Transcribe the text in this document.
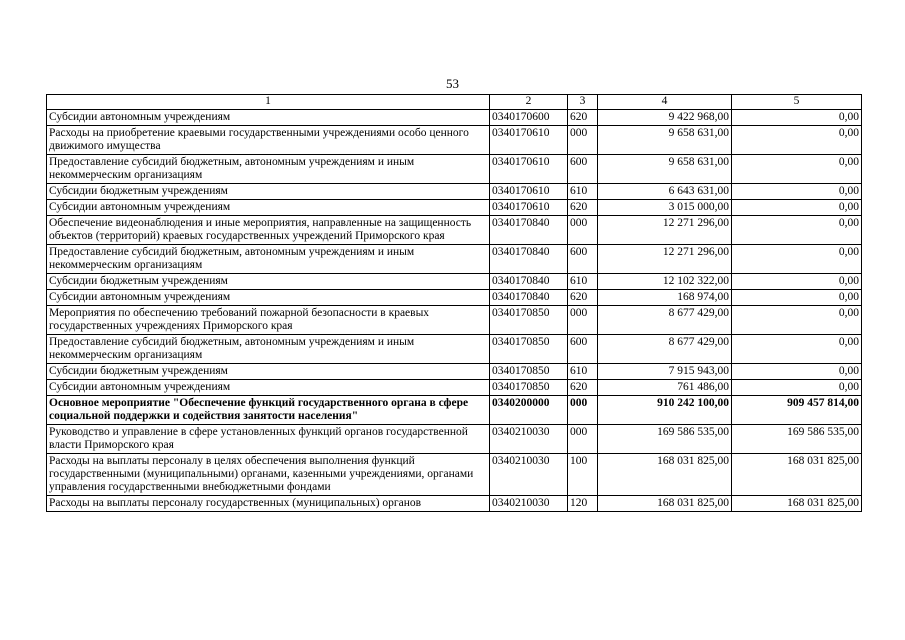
53
1	2	3	4	5
Субсидии автономным учреждениям	0340170600	620	9 422 968,00	0,00
Расходы на приобретение краевыми государственными учреждениями особо ценного движимого имущества	0340170610	000	9 658 631,00	0,00
Предоставление субсидий бюджетным, автономным учреждениям и иным некоммерческим организациям	0340170610	600	9 658 631,00	0,00
Субсидии бюджетным учреждениям	0340170610	610	6 643 631,00	0,00
Субсидии автономным учреждениям	0340170610	620	3 015 000,00	0,00
Обеспечение видеонаблюдения и иные мероприятия, направленные на защищенность объектов (территорий) краевых государственных учреждений Приморского края	0340170840	000	12 271 296,00	0,00
Предоставление субсидий бюджетным, автономным учреждениям и иным некоммерческим организациям	0340170840	600	12 271 296,00	0,00
Субсидии бюджетным учреждениям	0340170840	610	12 102 322,00	0,00
Субсидии автономным учреждениям	0340170840	620	168 974,00	0,00
Мероприятия по обеспечению требований пожарной безопасности в краевых государственных учреждениях Приморского края	0340170850	000	8 677 429,00	0,00
Предоставление субсидий бюджетным, автономным учреждениям и иным некоммерческим организациям	0340170850	600	8 677 429,00	0,00
Субсидии бюджетным учреждениям	0340170850	610	7 915 943,00	0,00
Субсидии автономным учреждениям	0340170850	620	761 486,00	0,00
Основное мероприятие "Обеспечение функций государственного органа в сфере социальной поддержки и содействия занятости населения"	0340200000	000	910 242 100,00	909 457 814,00
Руководство и управление в сфере установленных функций органов государственной власти Приморского края	0340210030	000	169 586 535,00	169 586 535,00
Расходы на выплаты персоналу в целях обеспечения выполнения функций государственными (муниципальными) органами, казенными учреждениями, органами управления государственными внебюджетными фондами	0340210030	100	168 031 825,00	168 031 825,00
Расходы на выплаты персоналу государственных (муниципальных) органов	0340210030	120	168 031 825,00	168 031 825,00
